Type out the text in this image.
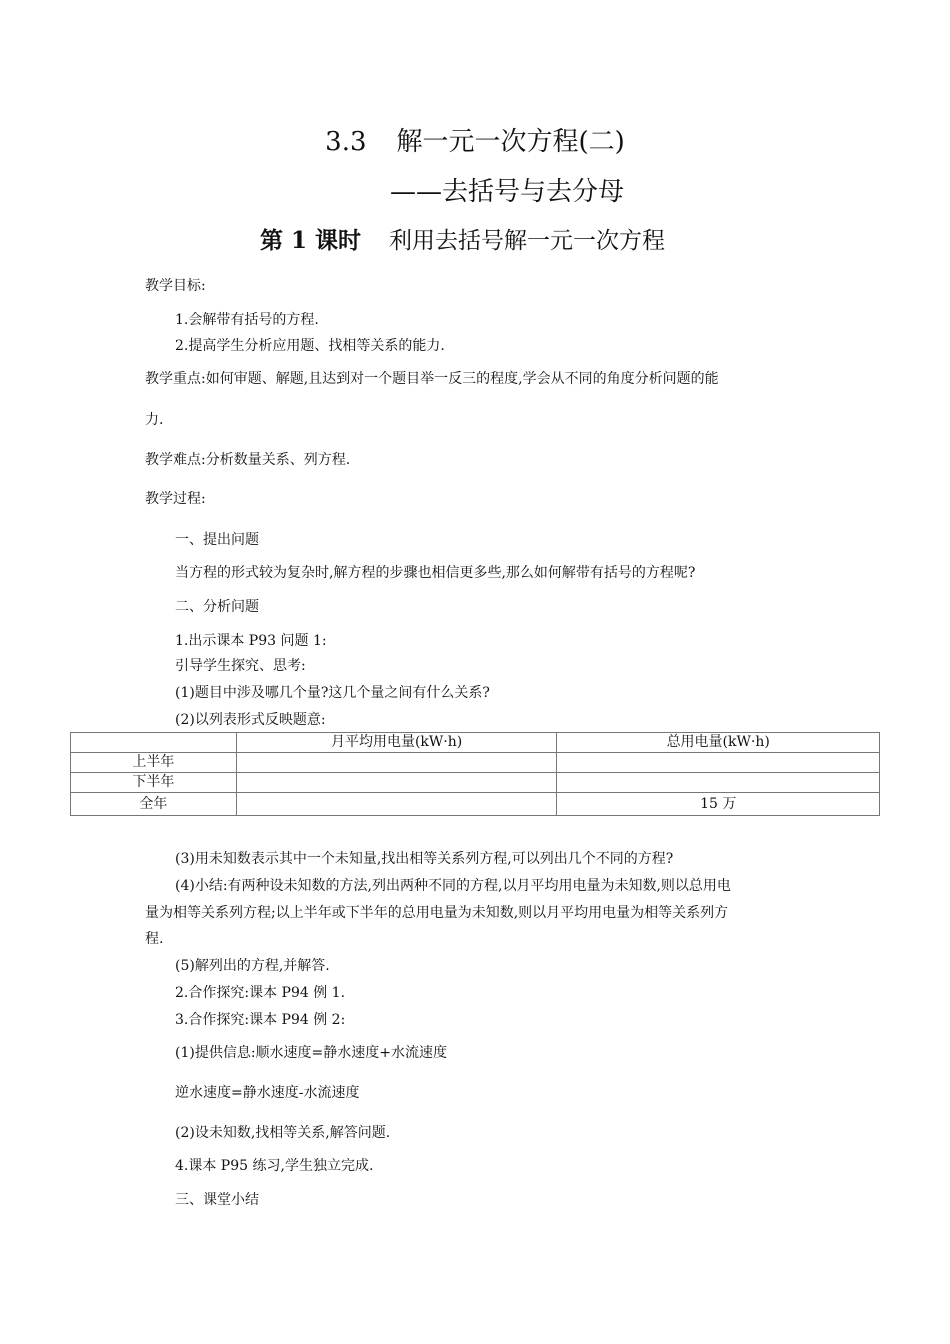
3.3 解一元一次方程(二)
——去括号与去分母
第 1 课时 利用去括号解一元一次方程
教学目标:
1.会解带有括号的方程.
2.提高学生分析应用题、找相等关系的能力.
教学重点:如何审题、解题,且达到对一个题目举一反三的程度,学会从不同的角度分析问题的能
力.
教学难点:分析数量关系、列方程.
教学过程:
一、提出问题
当方程的形式较为复杂时,解方程的步骤也相信更多些,那么如何解带有括号的方程呢?
二、分析问题
1.出示课本 P93 问题 1:
引导学生探究、思考:
(1)题目中涉及哪几个量?这几个量之间有什么关系?
(2)以列表形式反映题意:
	月平均用电量(kW·h)	总用电量(kW·h)
上半年		
下半年		
全年		15 万
(3)用未知数表示其中一个未知量,找出相等关系列方程,可以列出几个不同的方程?
(4)小结:有两种设未知数的方法,列出两种不同的方程,以月平均用电量为未知数,则以总用电
量为相等关系列方程;以上半年或下半年的总用电量为未知数,则以月平均用电量为相等关系列方
程.
(5)解列出的方程,并解答.
2.合作探究:课本 P94 例 1.
3.合作探究:课本 P94 例 2:
(1)提供信息:顺水速度=静水速度+水流速度
逆水速度=静水速度-水流速度
(2)设未知数,找相等关系,解答问题.
4.课本 P95 练习,学生独立完成.
三、课堂小结
